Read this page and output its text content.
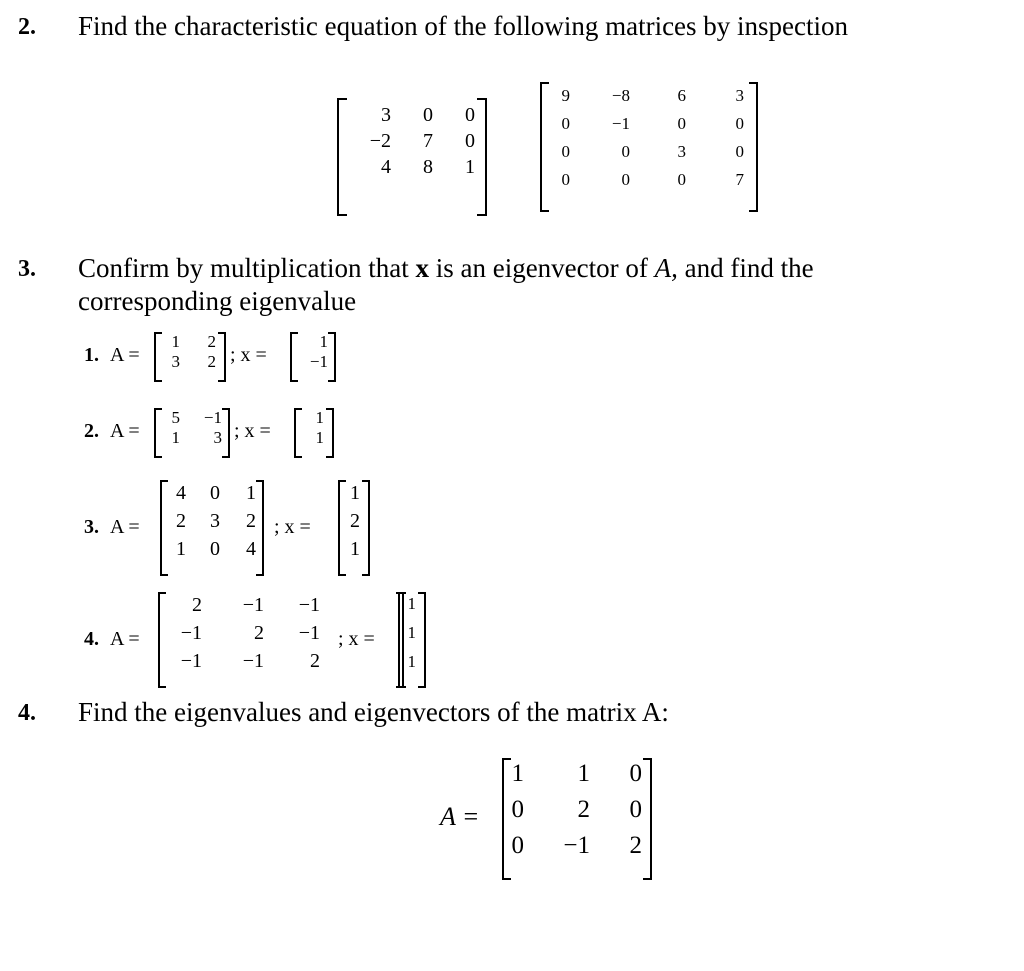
2. Find the characteristic equation of the following matrices by inspection
3 0 0
−2 7 0
4 8 1
9 −8	6	3
0 −1	0	0
0	0	3	0
0	0	0	7
3. Confirm by multiplication that x is an eigenvector of A, and find the
corresponding eigenvalue
1. A =
1 2
3 2 ; x =
1
−1
2. A =
5 −1
1 3 ; x =
1
1
3. A =
4 0 1
2 3 2
1 0 4
; x =
1
2
1
4. A =
2 −1 −1
−1	2 −1
−1 −1 2
; x =
1
1
1
4. Find the eigenvalues and eigenvectors of the matrix A:
A =
1 1 0
0 2 0
0 −1 2
